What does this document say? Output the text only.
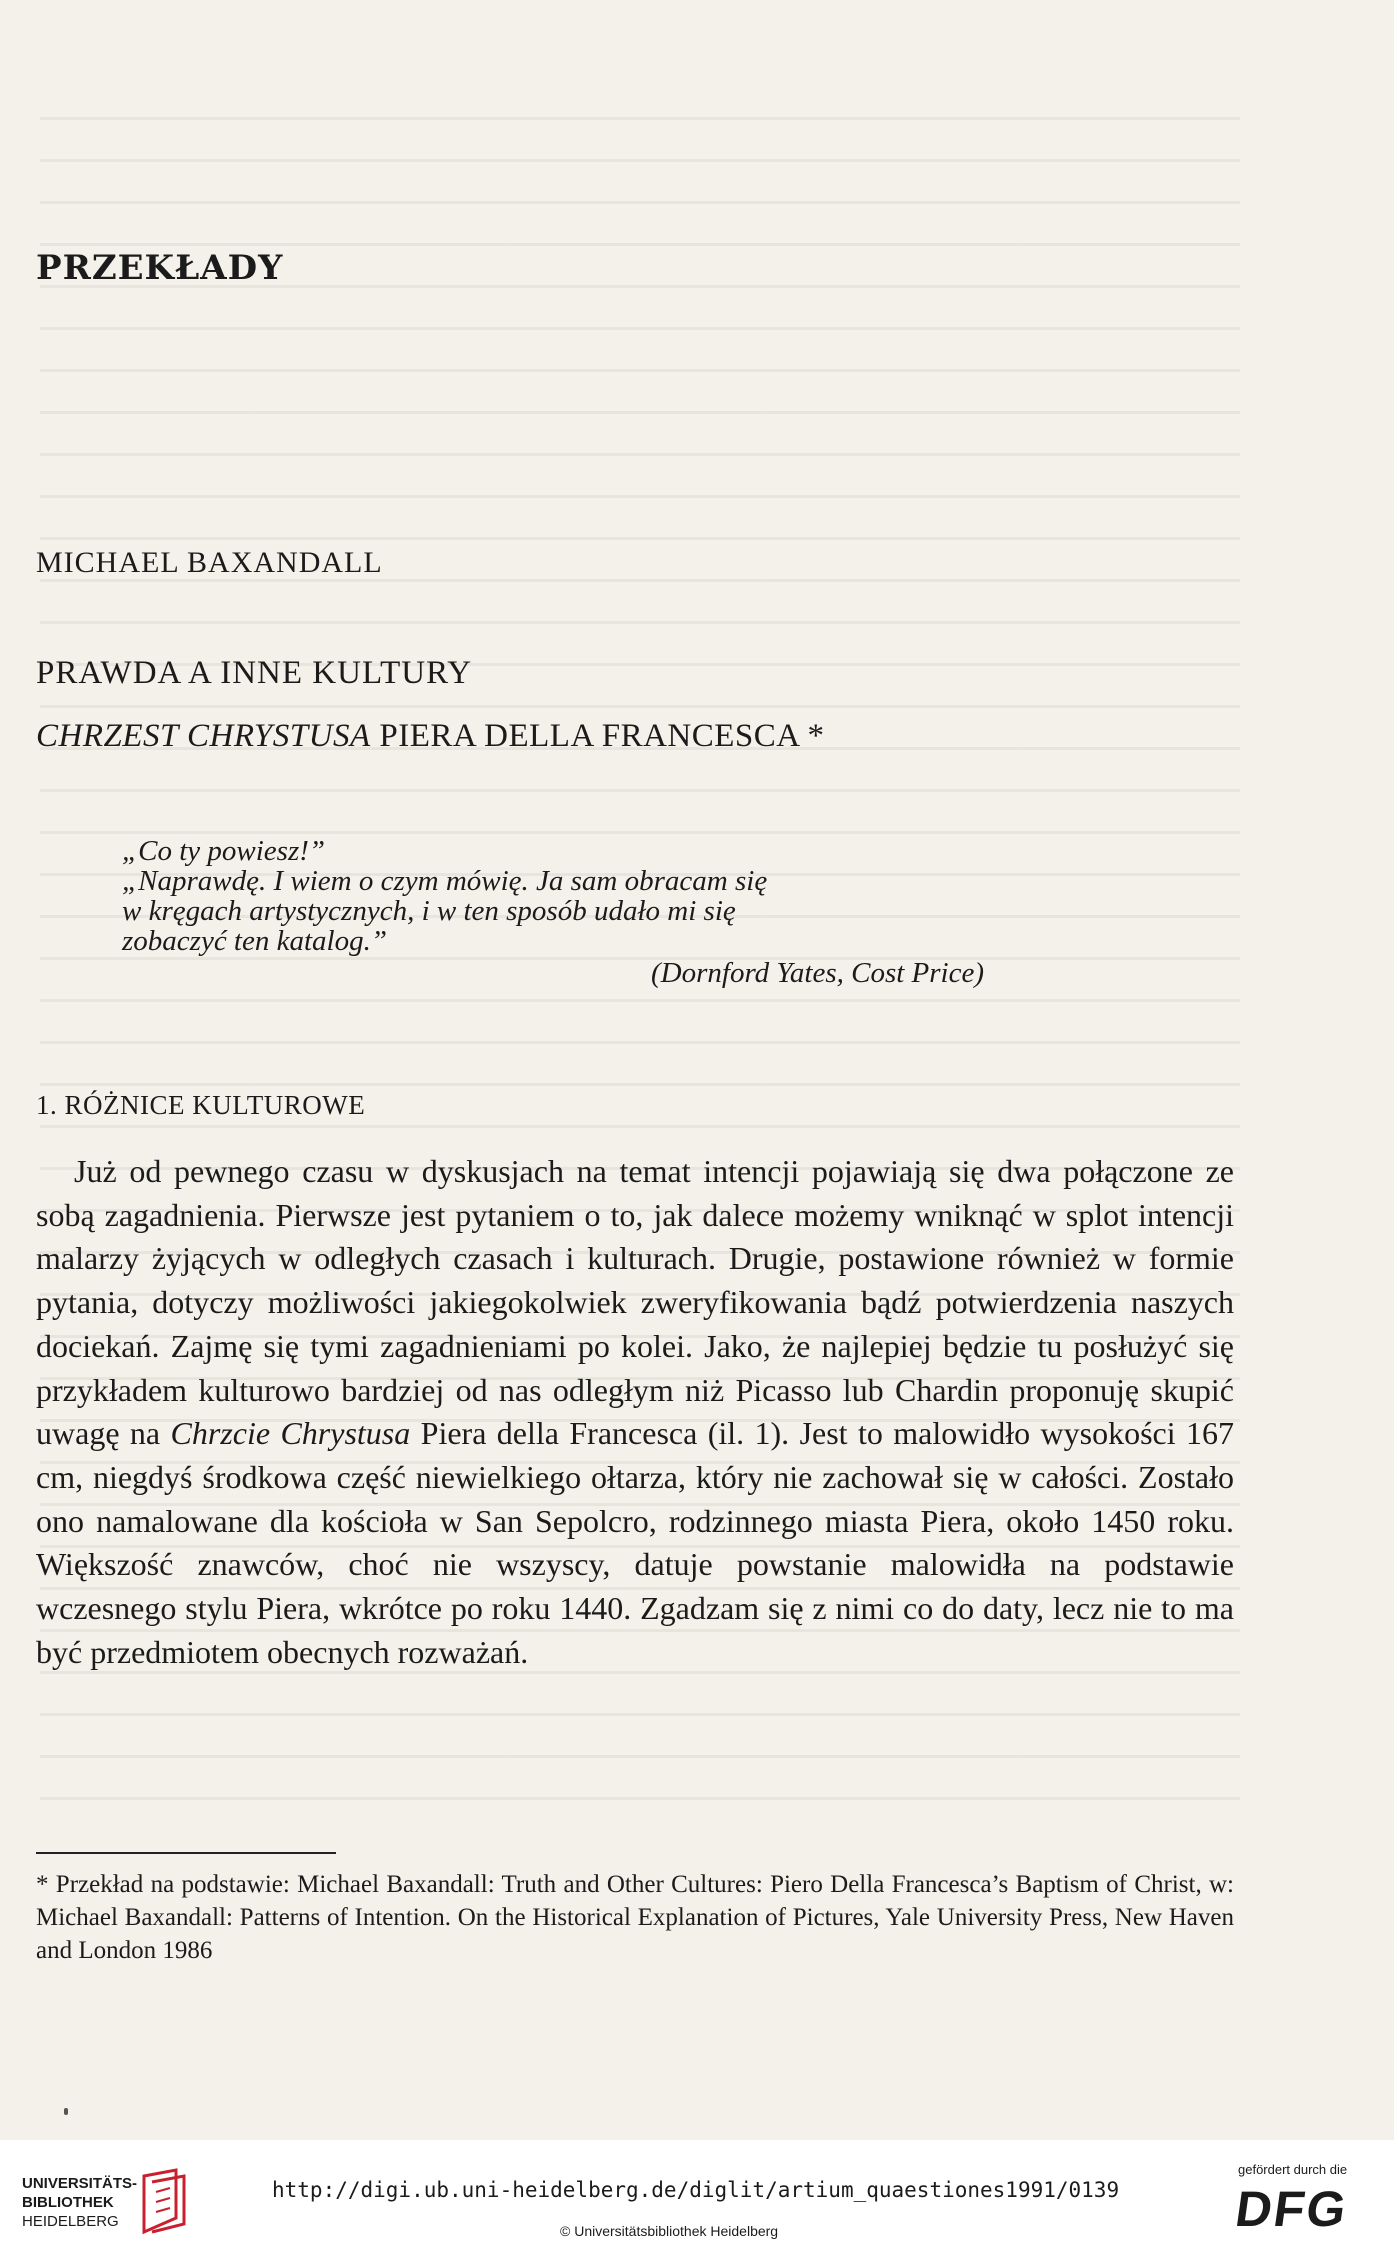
PRZEKŁADY
MICHAEL BAXANDALL
PRAWDA A INNE KULTURY
CHRZEST CHRYSTUSA PIERA DELLA FRANCESCA *
„Co ty powiesz!”
„Naprawdę. I wiem o czym mówię. Ja sam obracam się
w kręgach artystycznych, i w ten sposób udało mi się
zobaczyć ten katalog.”
(Dornford Yates, Cost Price)
1. RÓŻNICE KULTUROWE

Już od pewnego czasu w dyskusjach na temat intencji pojawiają się dwa połączone ze sobą zagadnienia. Pierwsze jest pytaniem o to, jak dalece możemy wniknąć w splot intencji malarzy żyjących w odległych czasach i kulturach. Drugie, postawione również w formie pytania, dotyczy możliwości jakiegokolwiek zweryfikowania bądź potwierdzenia naszych dociekań. Zajmę się tymi zagadnieniami po kolei. Jako, że najlepiej będzie tu posłużyć się przykładem kulturowo bardziej od nas odległym niż Picasso lub Chardin proponuję skupić uwagę na Chrzcie Chrystusa Piera della Francesca (il. 1). Jest to malowidło wysokości 167 cm, niegdyś środkowa część niewielkiego ołtarza, który nie zachował się w całości. Zostało ono namalowane dla kościoła w San Sepolcro, rodzinnego miasta Piera, około 1450 roku. Większość znawców, choć nie wszyscy, datuje powstanie malowidła na podstawie wczesnego stylu Piera, wkrótce po roku 1440. Zgadzam się z nimi co do daty, lecz nie to ma być przedmiotem obecnych rozważań.

* Przekład na podstawie: Michael Baxandall: Truth and Other Cultures: Piero Della Francesca’s Baptism of Christ, w: Michael Baxandall: Patterns of Intention. On the Historical Explanation of Pictures, Yale University Press, New Haven and London 1986
UNIVERSITÄTS-
BIBLIOTHEK
HEIDELBERG
http://digi.ub.uni-heidelberg.de/diglit/artium_quaestiones1991/0139
© Universitätsbibliothek Heidelberg
gefördert durch die
DFG
